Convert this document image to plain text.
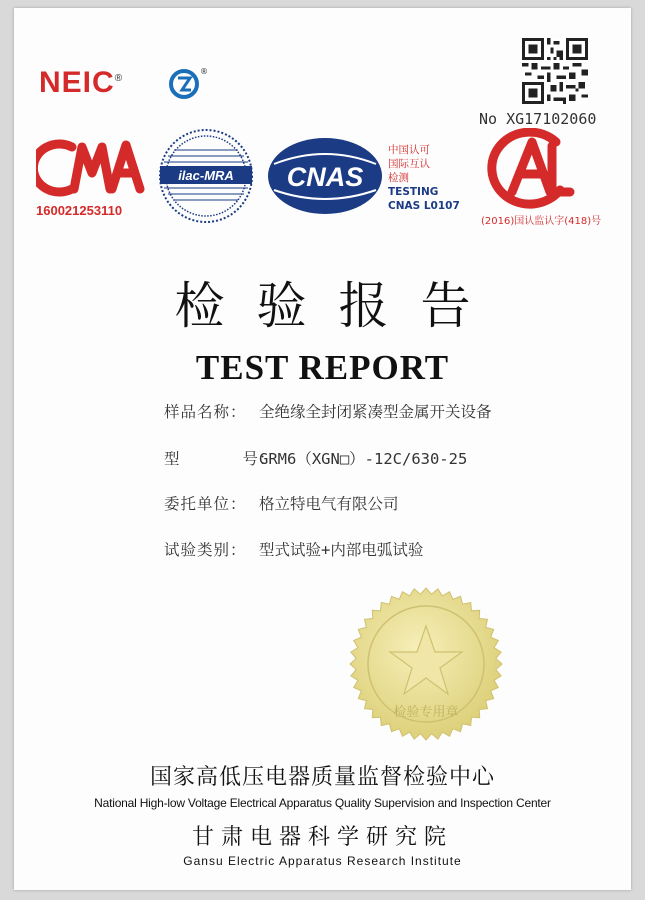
NEIC®
®
No XG17102060
160021253110
ilac-MRA CNAS
中国认可
国际互认
检测
TESTING
CNAS L0107
(2016)国认监认字(418)号
检验报告
TEST REPORT
样品名称： 全绝缘全封闭紧凑型金属开关设备
型      号：GRM6（XGN□）-12C/630-25
委托单位： 格立特电气有限公司
试验类别： 型式试验+内部电弧试验
检验专用章
国家高低压电器质量监督检验中心
National High-low Voltage Electrical Apparatus Quality Supervision and Inspection Center
甘肃电器科学研究院
Gansu Electric Apparatus Research Institute
